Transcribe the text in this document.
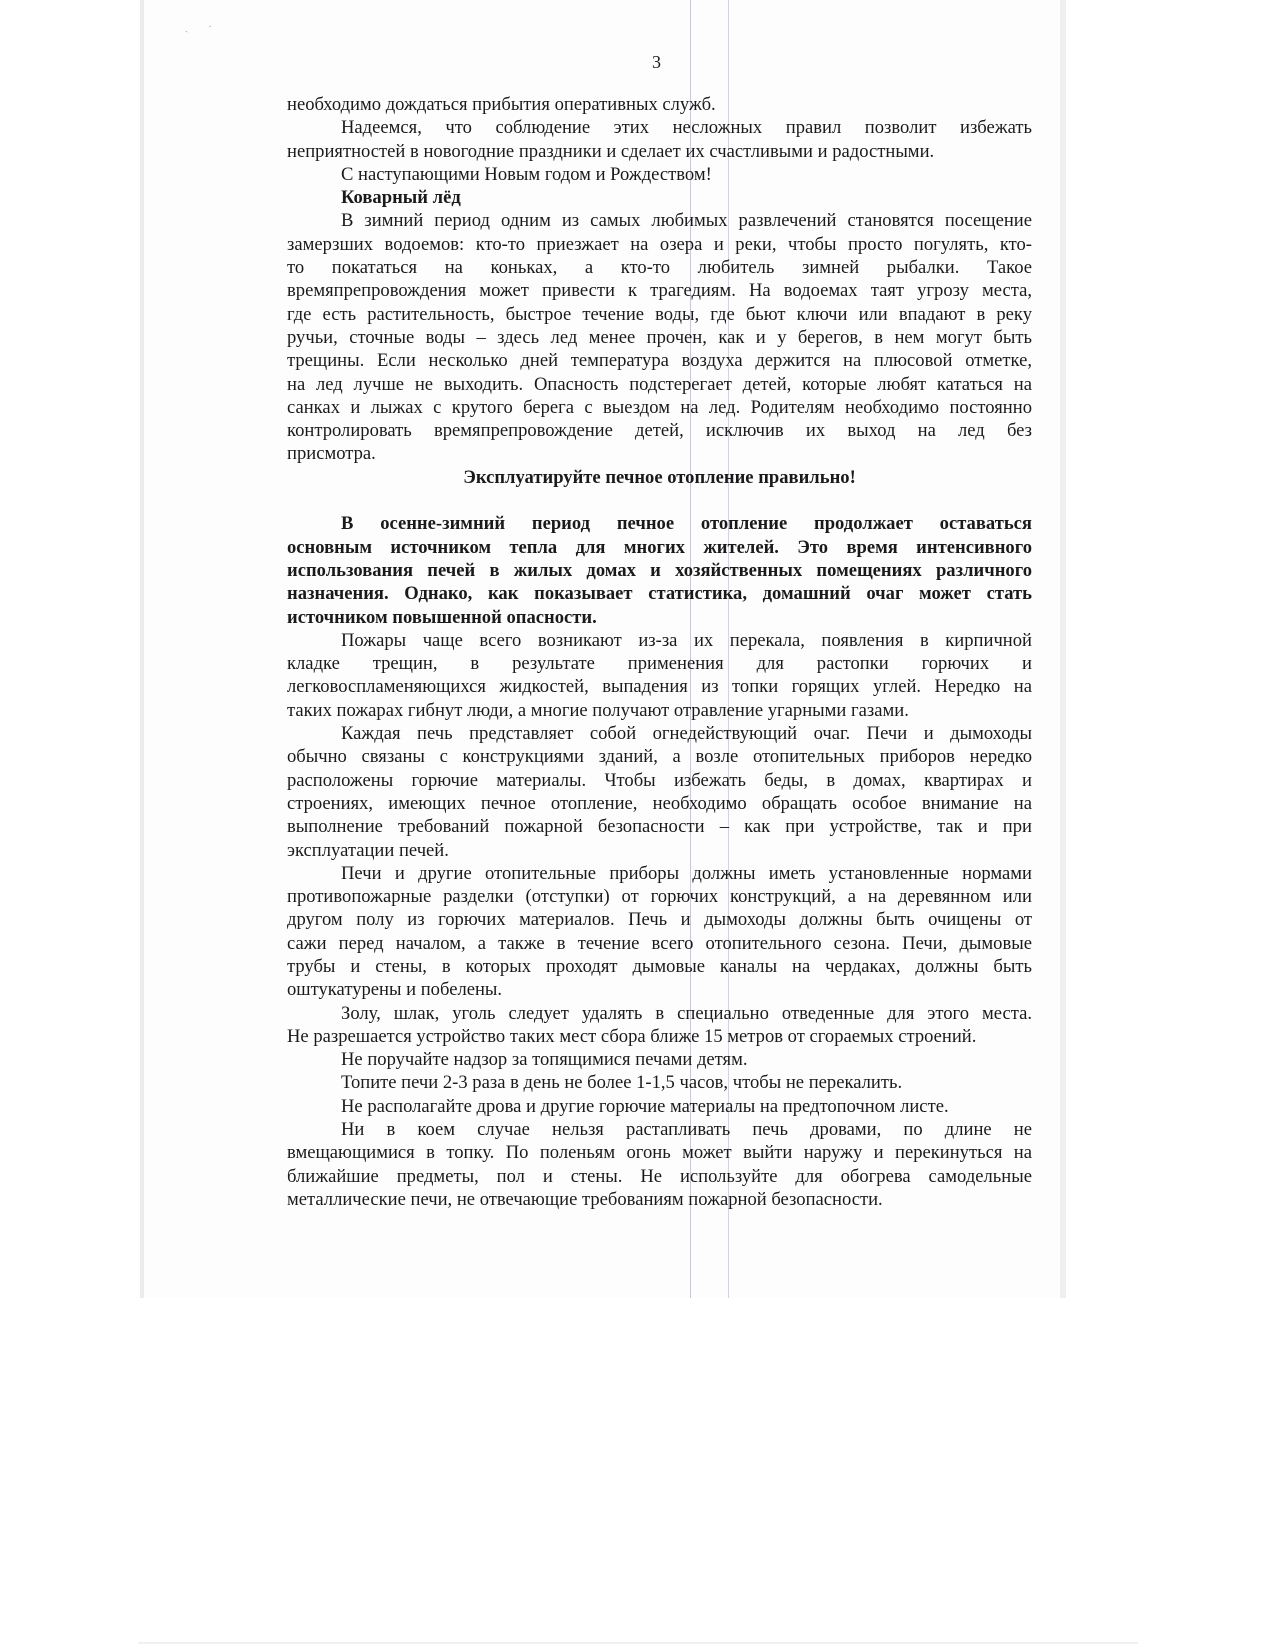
ˎ        ·
3
необходимо дождаться прибытия оперативных служб.
Надеемся, что соблюдение этих несложных правил позволит избежать
неприятностей в новогодние праздники и сделает их счастливыми и радостными.
С наступающими Новым годом и Рождеством!
Коварный лёд
В зимний период одним из самых любимых развлечений становятся посещение
замерзших водоемов: кто-то приезжает на озера и реки, чтобы просто погулять, кто-
то покататься на коньках, а кто-то любитель зимней рыбалки. Такое
времяпрепровождения может привести к трагедиям. На водоемах таят угрозу места,
где есть растительность, быстрое течение воды, где бьют ключи или впадают в реку
ручьи, сточные воды – здесь лед менее прочен, как и у берегов, в нем могут быть
трещины. Если несколько дней температура воздуха держится на плюсовой отметке,
на лед лучше не выходить. Опасность подстерегает детей, которые любят кататься на
санках и лыжах с крутого берега с выездом на лед. Родителям необходимо постоянно
контролировать времяпрепровождение детей, исключив их выход на лед без
присмотра.
Эксплуатируйте печное отопление правильно!
В осенне-зимний период печное отопление продолжает оставаться
основным источником тепла для многих жителей. Это время интенсивного
использования печей в жилых домах и хозяйственных помещениях различного
назначения. Однако, как показывает статистика, домашний очаг может стать
источником повышенной опасности.
Пожары чаще всего возникают из-за их перекала, появления в кирпичной
кладке трещин, в результате применения для растопки горючих и
легковоспламеняющихся жидкостей, выпадения из топки горящих углей. Нередко на
таких пожарах гибнут люди, а многие получают отравление угарными газами.
Каждая печь представляет собой огнедействующий очаг. Печи и дымоходы
обычно связаны с конструкциями зданий, а возле отопительных приборов нередко
расположены горючие материалы. Чтобы избежать беды, в домах, квартирах и
строениях, имеющих печное отопление, необходимо обращать особое внимание на
выполнение требований пожарной безопасности – как при устройстве, так и при
эксплуатации печей.
Печи и другие отопительные приборы должны иметь установленные нормами
противопожарные разделки (отступки) от горючих конструкций, а на деревянном или
другом полу из горючих материалов. Печь и дымоходы должны быть очищены от
сажи перед началом, а также в течение всего отопительного сезона. Печи, дымовые
трубы и стены, в которых проходят дымовые каналы на чердаках, должны быть
оштукатурены и побелены.
Золу, шлак, уголь следует удалять в специально отведенные для этого места.
Не разрешается устройство таких мест сбора ближе 15 метров от сгораемых строений.
Не поручайте надзор за топящимися печами детям.
Топите печи 2-3 раза в день не более 1-1,5 часов, чтобы не перекалить.
Не располагайте дрова и другие горючие материалы на предтопочном листе.
Ни в коем случае нельзя растапливать печь дровами, по длине не
вмещающимися в топку. По поленьям огонь может выйти наружу и перекинуться на
ближайшие предметы, пол и стены. Не используйте для обогрева самодельные
металлические печи, не отвечающие требованиям пожарной безопасности.
